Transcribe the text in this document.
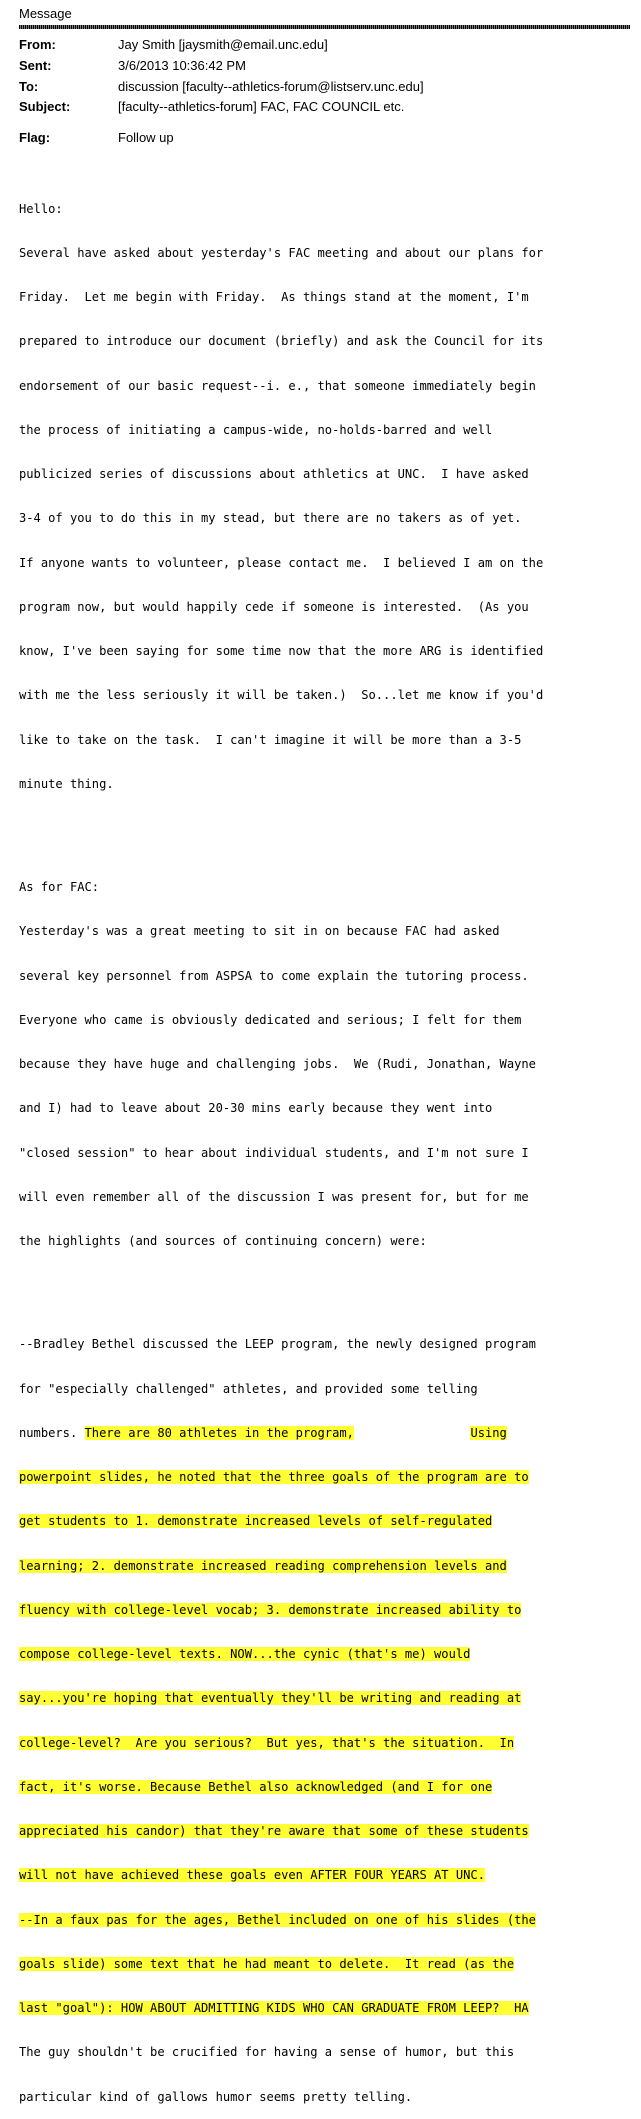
Message
From:	Jay Smith [jaysmith@email.unc.edu]
Sent:	3/6/2013 10:36:42 PM
To:	discussion [faculty--athletics-forum@listserv.unc.edu]
Subject:	[faculty--athletics-forum] FAC, FAC COUNCIL etc.
Flag:	Follow up

Hello:

Several have asked about yesterday's FAC meeting and about our plans for

Friday.  Let me begin with Friday.  As things stand at the moment, I'm

prepared to introduce our document (briefly) and ask the Council for its

endorsement of our basic request--i. e., that someone immediately begin

the process of initiating a campus-wide, no-holds-barred and well

publicized series of discussions about athletics at UNC.  I have asked

3-4 of you to do this in my stead, but there are no takers as of yet.

If anyone wants to volunteer, please contact me.  I believed I am on the

program now, but would happily cede if someone is interested.  (As you

know, I've been saying for some time now that the more ARG is identified

with me the less seriously it will be taken.)  So...let me know if you'd

like to take on the task.  I can't imagine it will be more than a 3-5

minute thing.

As for FAC:

Yesterday's was a great meeting to sit in on because FAC had asked

several key personnel from ASPSA to come explain the tutoring process.

Everyone who came is obviously dedicated and serious; I felt for them

because they have huge and challenging jobs.  We (Rudi, Jonathan, Wayne

and I) had to leave about 20-30 mins early because they went into

"closed session" to hear about individual students, and I'm not sure I

will even remember all of the discussion I was present for, but for me

the highlights (and sources of continuing concern) were:

--Bradley Bethel discussed the LEEP program, the newly designed program

for "especially challenged" athletes, and provided some telling

numbers. There are 80 athletes in the program,	Using

powerpoint slides, he noted that the three goals of the program are to

get students to 1. demonstrate increased levels of self-regulated

learning; 2. demonstrate increased reading comprehension levels and

fluency with college-level vocab; 3. demonstrate increased ability to

compose college-level texts. NOW...the cynic (that's me) would

say...you're hoping that eventually they'll be writing and reading at

college-level?  Are you serious?  But yes, that's the situation.  In

fact, it's worse. Because Bethel also acknowledged (and I for one

appreciated his candor) that they're aware that some of these students

will not have achieved these goals even AFTER FOUR YEARS AT UNC.

--In a faux pas for the ages, Bethel included on one of his slides (the

goals slide) some text that he had meant to delete.  It read (as the

last "goal"): HOW ABOUT ADMITTING KIDS WHO CAN GRADUATE FROM LEEP?  HA

The guy shouldn't be crucified for having a sense of humor, but this

particular kind of gallows humor seems pretty telling.
